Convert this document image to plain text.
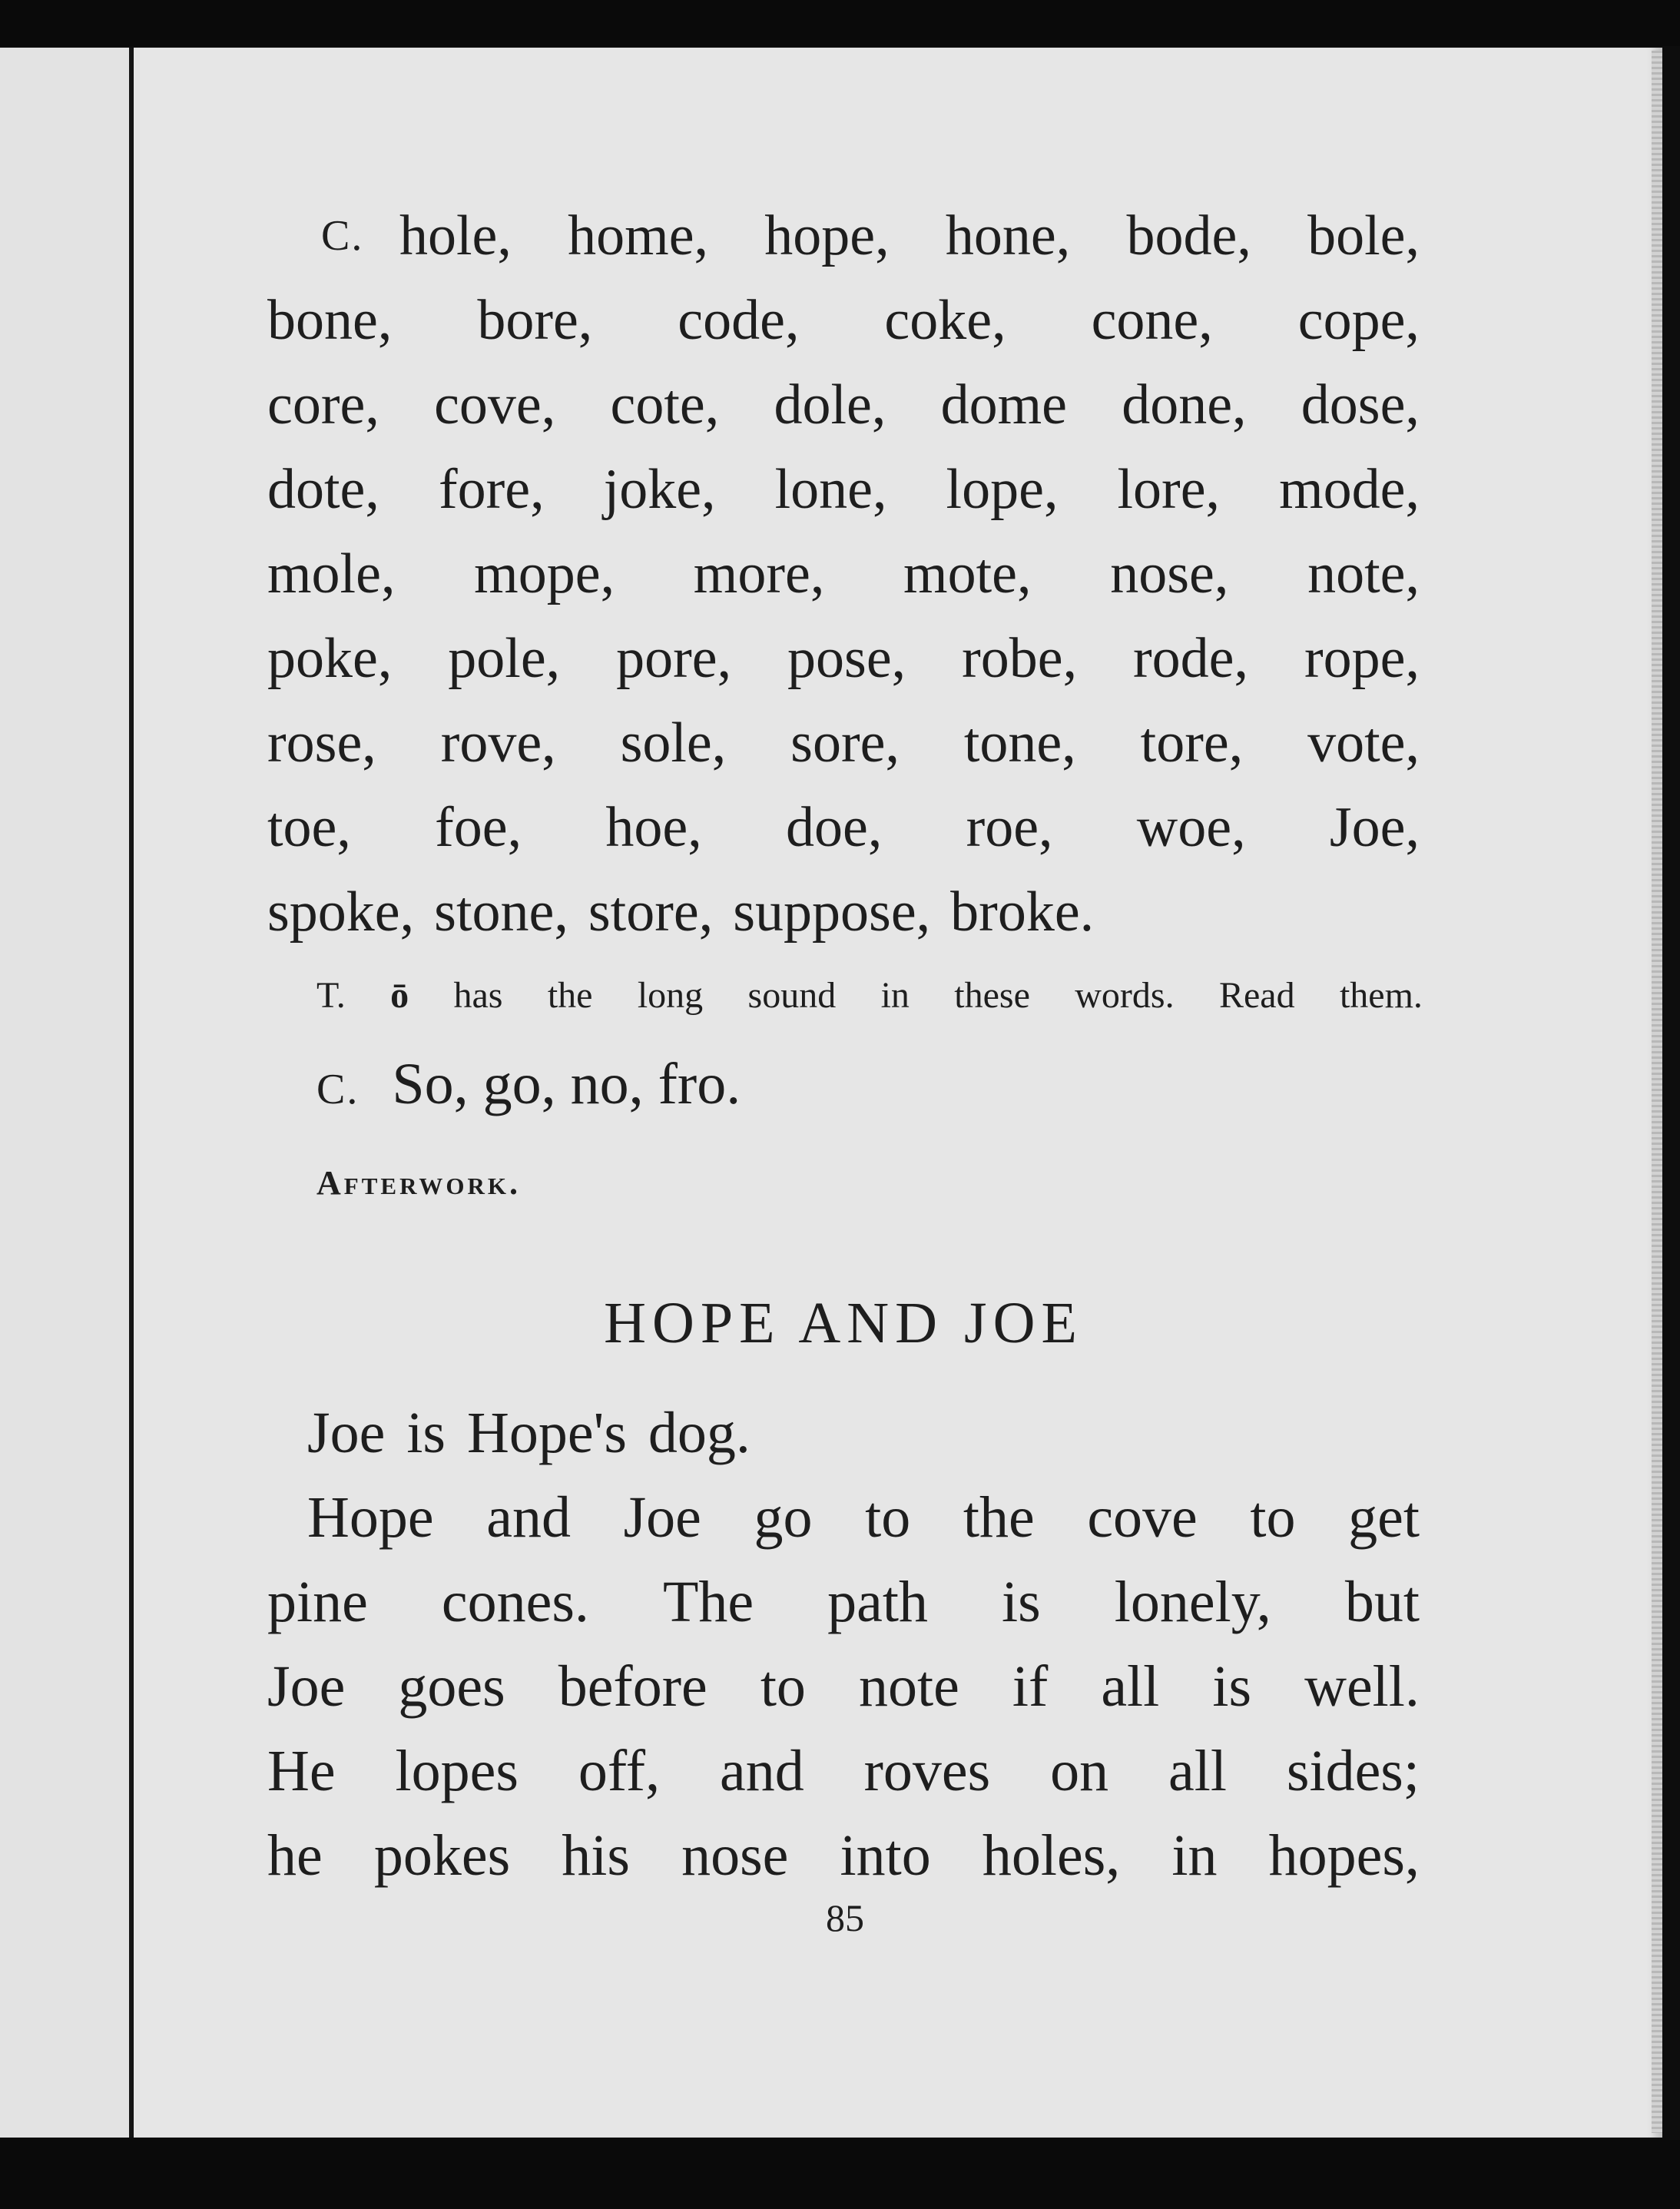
C. hole, home, hope, hone, bode, bole,
bone, bore, code, coke, cone, cope,
core, cove, cote, dole, dome done, dose,
dote, fore, joke, lone, lope, lore, mode,
mole, mope, more, mote, nose, note,
poke, pole, pore, pose, robe, rode, rope,
rose, rove, sole, sore, tone, tore, vote,
toe, foe, hoe, doe, roe, woe, Joe,
spoke, stone, store, suppose, broke.
T. ō has the long sound in these words. Read them.
C. So, go, no, fro.
Afterwork.
HOPE AND JOE
Joe is Hope's dog.
Hope and Joe go to the cove to get
pine cones. The path is lonely, but
Joe goes before to note if all is well.
He lopes off, and roves on all sides;
he pokes his nose into holes, in hopes,
85
